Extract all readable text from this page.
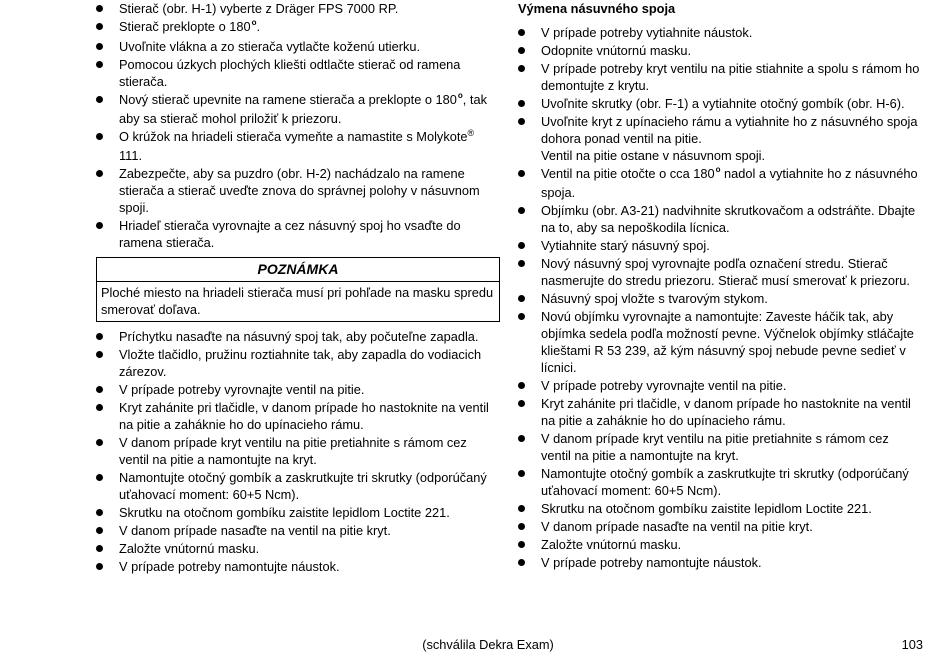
Stierač (obr. H-1) vyberte z Dräger FPS 7000 RP.
Stierač preklopte o 180$^o$.
Uvoľnite vlákna a zo stierača vytlačte koženú utierku.
Pomocou úzkych plochých kliešti odtlačte stierač od ramena stierača.
Nový stierač upevnite na ramene stierača a preklopte o 180$^o$, tak aby sa stierač mohol priložiť k priezoru.
O krúžok na hriadeli stierača vymeňte a namastite s Molykote® 111.
Zabezpečte, aby sa puzdro (obr. H-2) nachádzalo na ramene stierača a stierač uveďte znova do správnej polohy v násuvnom spoji.
Hriadeľ stierača vyrovnajte a cez násuvný spoj ho vsaďte do ramena stierača.
POZNÁMKA
Ploché miesto na hriadeli stierača musí pri pohľade na masku spredu smerovať doľava.
Príchytku nasaďte na násuvný spoj tak, aby počuteľne zapadla.
Vložte tlačidlo, pružinu roztiahnite tak, aby zapadla do vodiacich zárezov.
V prípade potreby vyrovnajte ventil na pitie.
Kryt zahánite pri tlačidle, v danom prípade ho nastoknite na ventil na pitie a zaháknie ho do upínacieho rámu.
V danom prípade kryt ventilu na pitie pretiahnite s rámom cez ventil na pitie a namontujte na kryt.
Namontujte otočný gombík a zaskrutkujte tri skrutky (odporúčaný uťahovací moment: 60+5 Ncm).
Skrutku na otočnom gombíku zaistite lepidlom Loctite 221.
V danom prípade nasaďte na ventil na pitie kryt.
Založte vnútornú masku.
V prípade potreby namontujte náustok.
Výmena násuvného spoja
V prípade potreby vytiahnite náustok.
Odopnite vnútornú masku.
V prípade potreby kryt ventilu na pitie stiahnite a spolu s rámom ho demontujte z krytu.
Uvoľnite skrutky (obr. F-1) a vytiahnite otočný gombík (obr. H-6).
Uvoľnite kryt z upínacieho rámu a vytiahnite ho z násuvného spoja dohora ponad ventil na pitie.
Ventil na pitie ostane v násuvnom spoji.
Ventil na pitie otočte o cca 180$^o$ nadol a vytiahnite ho z násuvného spoja.
Objímku (obr. A3-21) nadvihnite skrutkovačom a odstráňte. Dbajte na to, aby sa nepoškodila lícnica.
Vytiahnite starý násuvný spoj.
Nový násuvný spoj vyrovnajte podľa označení stredu. Stierač nasmerujte do stredu priezoru. Stierač musí smerovať k priezoru.
Násuvný spoj vložte s tvarovým stykom.
Novú objímku vyrovnajte a namontujte: Zaveste háčik tak, aby objímka sedela podľa možností pevne. Výčnelok objímky stláčajte klieštami R 53 239, až kým násuvný spoj nebude pevne sedieť v lícnici.
V prípade potreby vyrovnajte ventil na pitie.
Kryt zahánite pri tlačidle, v danom prípade ho nastoknite na ventil na pitie a zaháknie ho do upínacieho rámu.
V danom prípade kryt ventilu na pitie pretiahnite s rámom cez ventil na pitie a namontujte na kryt.
Namontujte otočný gombík a zaskrutkujte tri skrutky (odporúčaný uťahovací moment: 60+5 Ncm).
Skrutku na otočnom gombíku zaistite lepidlom Loctite 221.
V danom prípade nasaďte na ventil na pitie kryt.
Založte vnútornú masku.
V prípade potreby namontujte náustok.
(schválila Dekra Exam)	103
